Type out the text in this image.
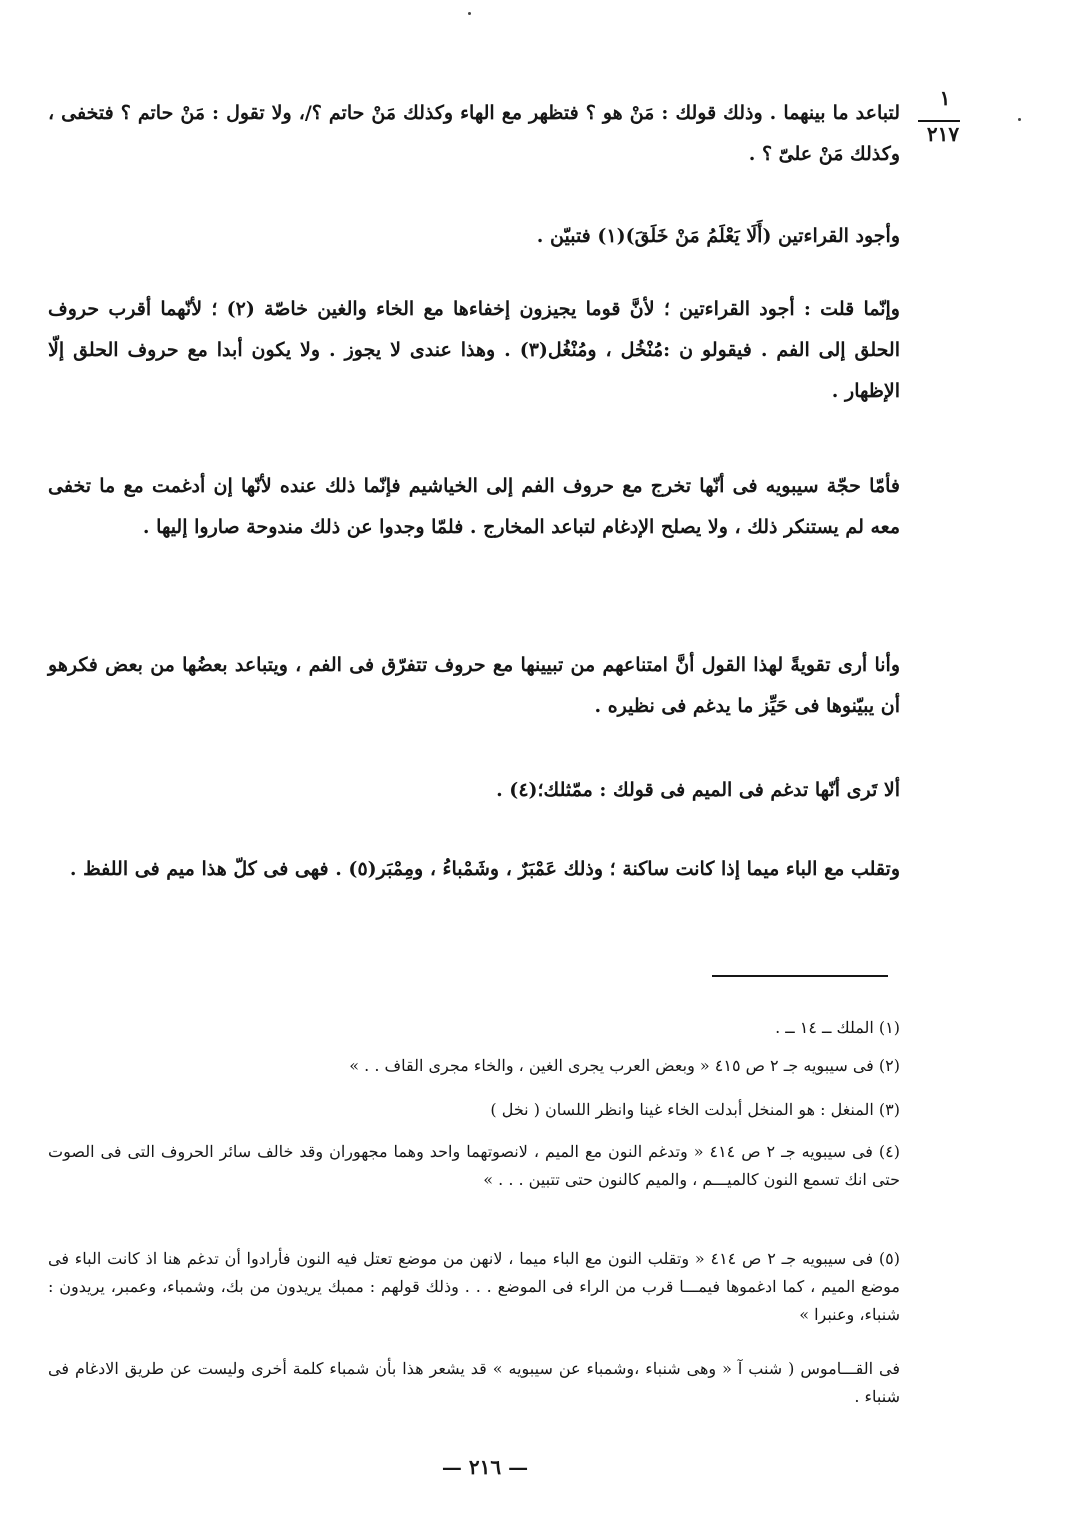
١
٢١٧

لتباعد ما بينهما . وذلك قولك : مَنْ هو ؟ فتظهر مع الهاء وكذلك مَنْ حاتم ؟/، ولا تقول : مَنْ حاتم ؟ فتخفى ، وكذلك مَنْ علىّ ؟ .

وأجود القراءتين (أَلَا يَعْلَمُ مَنْ خَلَقَ)(١) فتبيّن .

وإنّما قلت : أجود القراءتين ؛ لأنَّ قوما يجيزون إخفاءها مع الخاء والغين خاصّة (٢) ؛ لأنّهما أقرب حروف الحلق إلى الفم . فيقولو ن :مُنْخُل ، ومُنْغُل(٣) . وهذا عندى لا يجوز . ولا يكون أبدا مع حروف الحلق إلّا الإظهار .

فأمّا حجّة سيبويه فى أنّها تخرج مع حروف الفم إلى الخياشيم فإنّما ذلك عنده لأنّها إن أدغمت مع ما تخفى معه لم يستنكر ذلك ، ولا يصلح الإدغام لتباعد المخارج . فلمّا وجدوا عن ذلك مندوحة صاروا إليها .

وأنا أرى تقويةً لهذا القول أنَّ امتناعهم من تبيينها مع حروف تتفرّق فى الفم ، ويتباعد بعضُها من بعض فكرهو أن يبيّنوها فى حَيِّز ما يدغم فى نظيره .

ألا تَرى أنّها تدغم فى الميم فى قولك : ممّثلك؛(٤) .

وتقلب مع الباء ميما إذا كانت ساكنة ؛ وذلك عَمْبَرٌ ، وشَمْباءُ ، ومِمْبَر(٥) . فهى فى كلّ هذا ميم فى اللفظ .

(١) الملك ــ ١٤ ــ .

(٢) فى سيبويه جـ ٢ ص ٤١٥ « وبعض العرب يجرى الغين ، والخاء مجرى القاف . . »

(٣) المنغل : هو المنخل أبدلت الخاء غينا وانظر اللسان ( نخل )

(٤) فى سيبويه جـ ٢ ص ٤١٤ « وتدغم النون مع الميم ، لانصوتهما واحد وهما مجهوران وقد خالف سائر الحروف التى فى الصوت حتى انك تسمع النون كالميـــم ، والميم كالنون حتى تتبين . . . »

(٥) فى سيبويه جـ ٢ ص ٤١٤ « وتقلب النون مع الباء ميما ، لانهن من موضع تعتل فيه النون فأرادوا أن تدغم هنا اذ كانت الباء فى موضع الميم ، كما ادغموها فيمـــا قرب من الراء فى الموضع . . . وذلك قولهم : ممبك يريدون من بك، وشمباء، وعمبر، يريدون : شنباء، وعنبرا »

فى القـــاموس ( شنب آ « وهى شنباء ،وشمباء عن سيبويه » قد يشعر هذا بأن شمباء كلمة أخرى وليست عن طريق الادغام فى شنباء .

— ٢١٦ —
